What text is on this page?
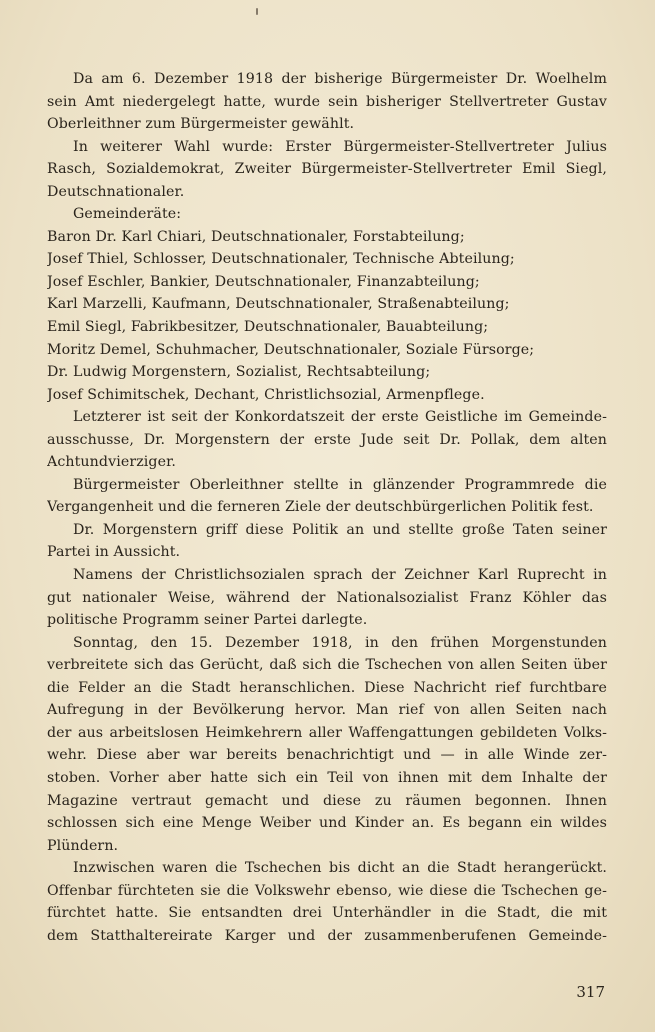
Da am 6. Dezember 1918 der bisherige Bürgermeister Dr. Woelhelm
sein Amt niedergelegt hatte, wurde sein bisheriger Stellvertreter Gustav
Oberleithner zum Bürgermeister gewählt.
In weiterer Wahl wurde: Erster Bürgermeister-Stellvertreter Julius
Rasch, Sozialdemokrat, Zweiter Bürgermeister-Stellvertreter Emil Siegl,
Deutschnationaler.
Gemeinderäte:
Baron Dr. Karl Chiari, Deutschnationaler, Forstabteilung;
Josef Thiel, Schlosser, Deutschnationaler, Technische Abteilung;
Josef Eschler, Bankier, Deutschnationaler, Finanzabteilung;
Karl Marzelli, Kaufmann, Deutschnationaler, Straßenabteilung;
Emil Siegl, Fabrikbesitzer, Deutschnationaler, Bauabteilung;
Moritz Demel, Schuhmacher, Deutschnationaler, Soziale Fürsorge;
Dr. Ludwig Morgenstern, Sozialist, Rechtsabteilung;
Josef Schimitschek, Dechant, Christlichsozial, Armenpflege.
Letzterer ist seit der Konkordatszeit der erste Geistliche im Gemeinde-
ausschusse, Dr. Morgenstern der erste Jude seit Dr. Pollak, dem alten
Achtundvierziger.
Bürgermeister Oberleithner stellte in glänzender Programmrede die
Vergangenheit und die ferneren Ziele der deutschbürgerlichen Politik fest.
Dr. Morgenstern griff diese Politik an und stellte große Taten seiner
Partei in Aussicht.
Namens der Christlichsozialen sprach der Zeichner Karl Ruprecht in
gut nationaler Weise, während der Nationalsozialist Franz Köhler das
politische Programm seiner Partei darlegte.
Sonntag, den 15. Dezember 1918, in den frühen Morgenstunden
verbreitete sich das Gerücht, daß sich die Tschechen von allen Seiten über
die Felder an die Stadt heranschlichen. Diese Nachricht rief furchtbare
Aufregung in der Bevölkerung hervor. Man rief von allen Seiten nach
der aus arbeitslosen Heimkehrern aller Waffengattungen gebildeten Volks-
wehr. Diese aber war bereits benachrichtigt und — in alle Winde zer-
stoben. Vorher aber hatte sich ein Teil von ihnen mit dem Inhalte der
Magazine vertraut gemacht und diese zu räumen begonnen. Ihnen
schlossen sich eine Menge Weiber und Kinder an. Es begann ein wildes
Plündern.
Inzwischen waren die Tschechen bis dicht an die Stadt herangerückt.
Offenbar fürchteten sie die Volkswehr ebenso, wie diese die Tschechen ge-
fürchtet hatte. Sie entsandten drei Unterhändler in die Stadt, die mit
dem Statthaltereirate Karger und der zusammenberufenen Gemeinde-
317
